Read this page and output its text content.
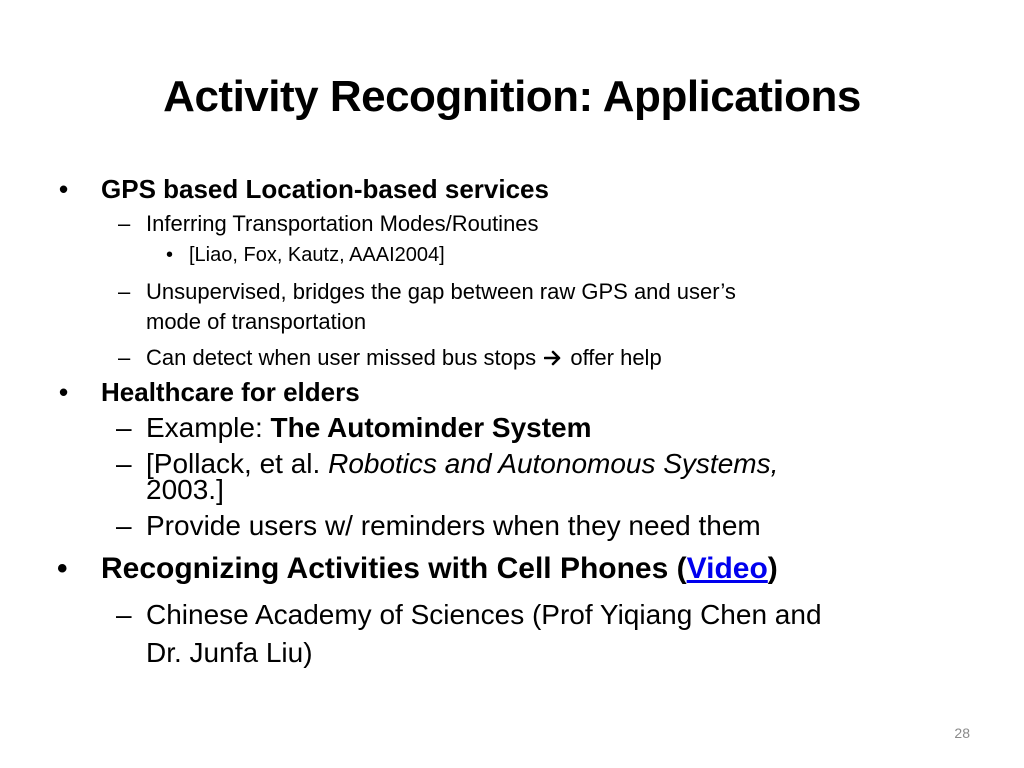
Activity Recognition: Applications
• GPS based Location-based services
– Inferring Transportation Modes/Routines
• [Liao, Fox, Kautz, AAAI2004]
– Unsupervised, bridges the gap between raw GPS and user’s
mode of transportation
– Can detect when user missed bus stops offer help
• Healthcare for elders
– Example: The Autominder System
– [Pollack, et al. Robotics and Autonomous Systems,
2003.]
– Provide users w/ reminders when they need them
• Recognizing Activities with Cell Phones (Video)
– Chinese Academy of Sciences (Prof Yiqiang Chen and
Dr. Junfa Liu)
28
